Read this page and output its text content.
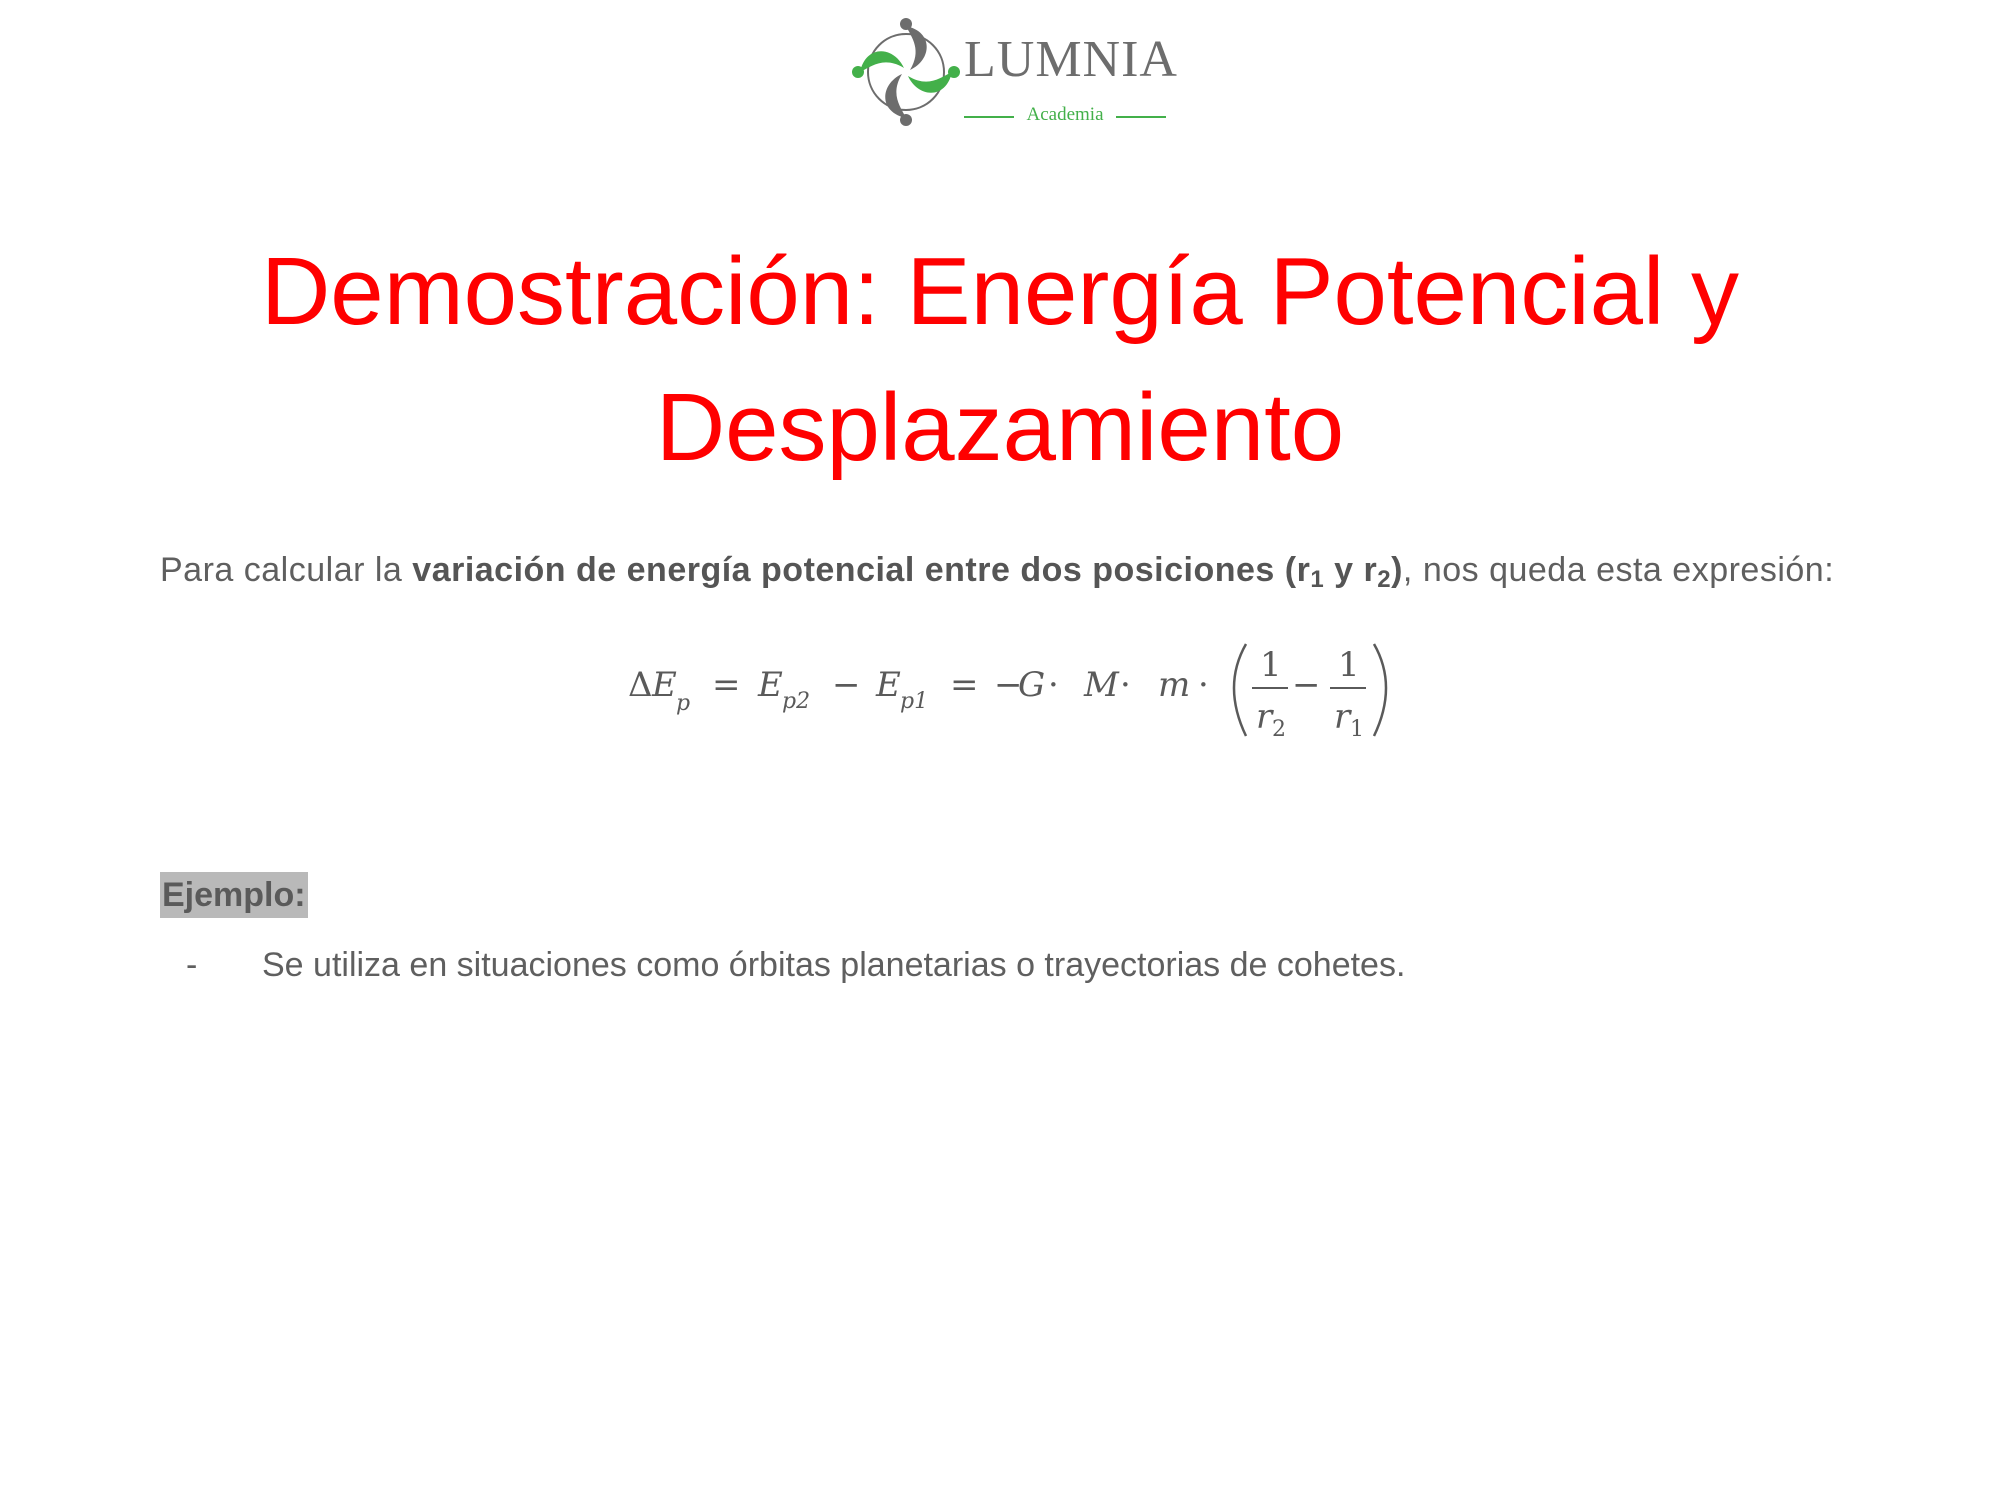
LUMNIA
Academia
Demostración: Energía Potencial y
Desplazamiento

Para calcular la variación de energía potencial entre dos posiciones ($r_1$ y $r_2$), nos queda esta expresión:

Δ E p = E p2 − E p1 = −
G · M · m · 1
r 2
− 1
r 1
Ejemplo:
- Se utiliza en situaciones como órbitas planetarias o trayectorias de cohetes.
